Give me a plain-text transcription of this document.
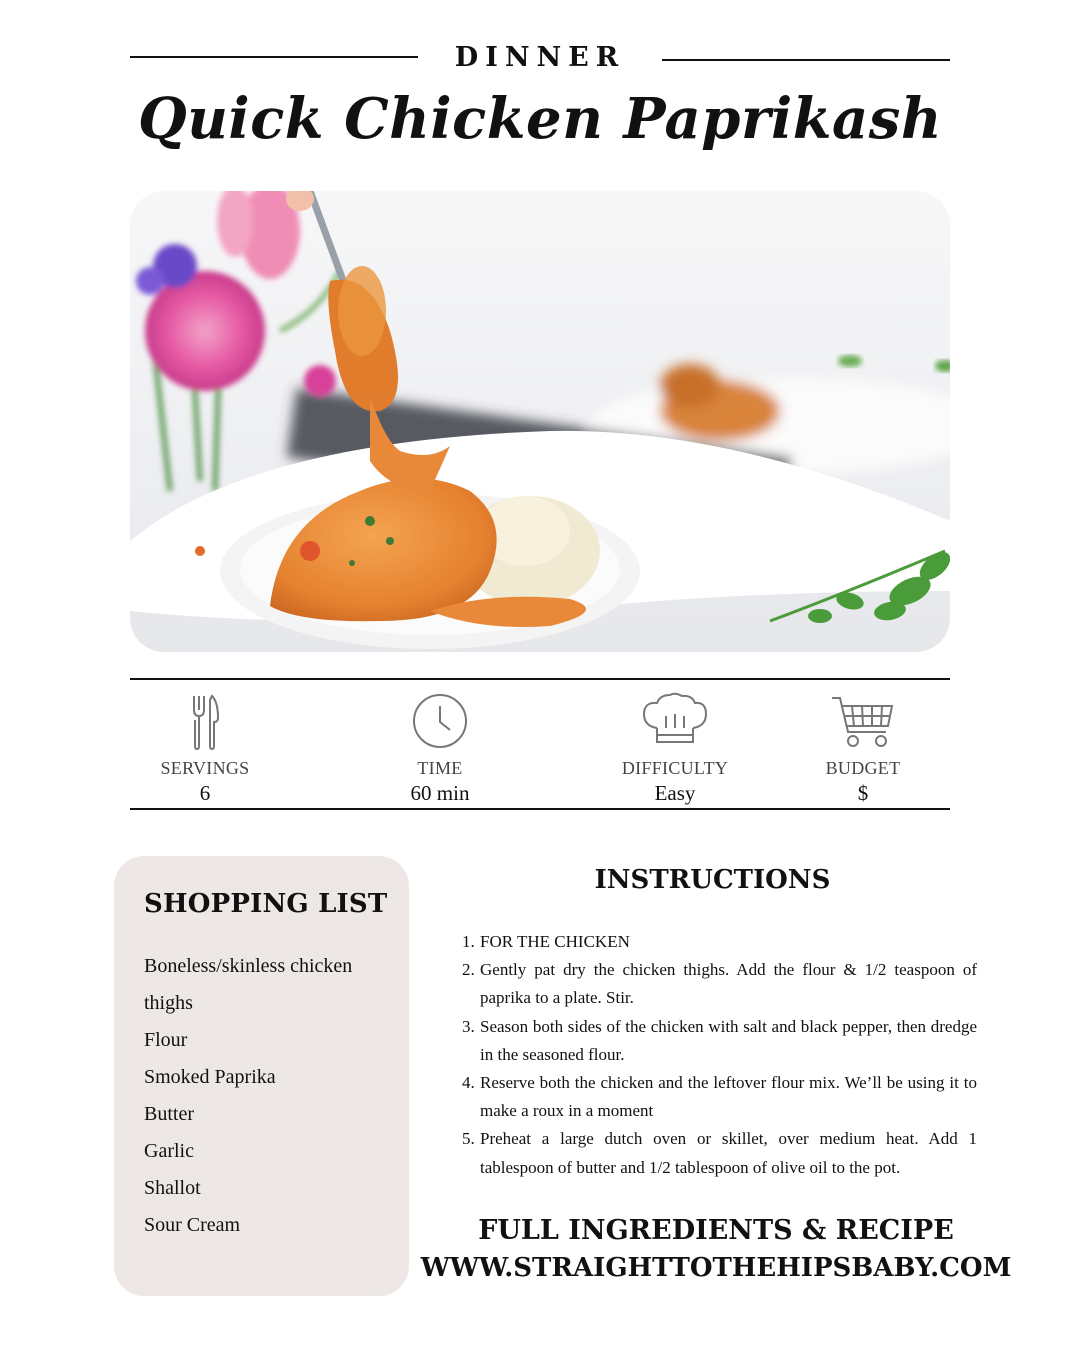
DINNER
Quick Chicken Paprikash
SERVINGS
6
TIME
60 min
DIFFICULTY
Easy
BUDGET
$
SHOPPING LIST
Boneless/skinless chicken thighs
Flour
Smoked Paprika
Butter
Garlic
Shallot
Sour Cream
INSTRUCTIONS
1. FOR THE CHICKEN
2. Gently pat dry the chicken thighs. Add the flour & 1/2 teaspoon of paprika to a plate. Stir.
3. Season both sides of the chicken with salt and black pepper, then dredge in the seasoned flour.
4. Reserve both the chicken and the leftover flour mix. We’ll be using it to make a roux in a moment
5. Preheat a large dutch oven or skillet, over medium heat. Add 1 tablespoon of butter and 1/2 tablespoon of olive oil to the pot.
FULL INGREDIENTS & RECIPE
WWW.STRAIGHTTOTHEHIPSBABY.COM
